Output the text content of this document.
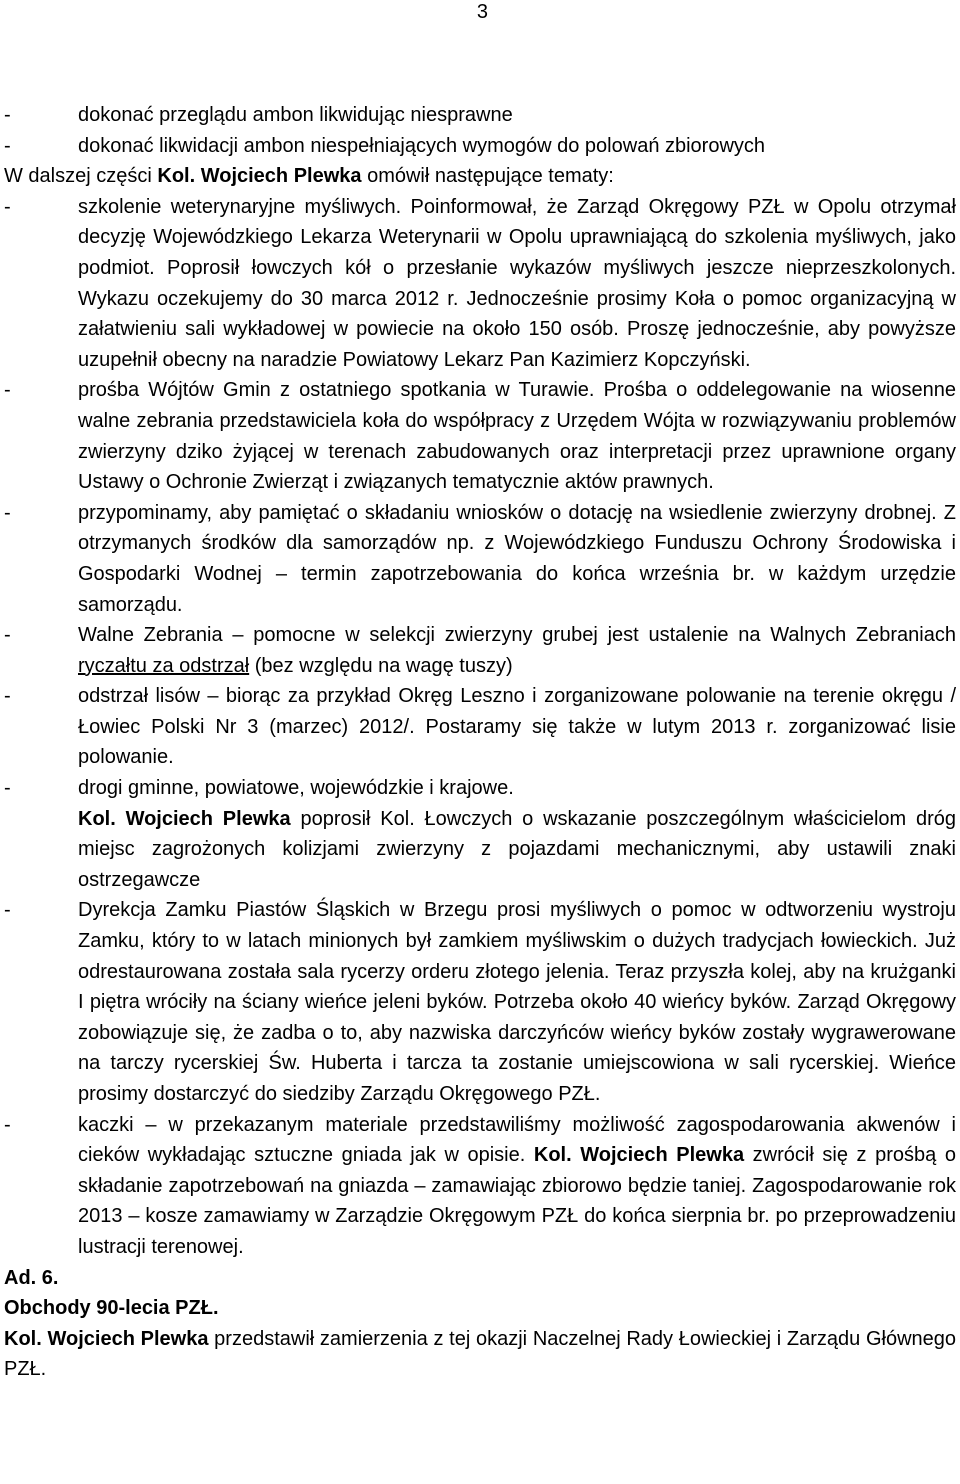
3
-	dokonać przeglądu ambon likwidując niesprawne
-	dokonać likwidacji ambon niespełniających wymogów do polowań zbiorowych
W dalszej części Kol. Wojciech Plewka omówił następujące tematy:
-	szkolenie weterynaryjne myśliwych. Poinformował, że Zarząd Okręgowy PZŁ w Opolu otrzymał decyzję Wojewódzkiego Lekarza Weterynarii w Opolu uprawniającą do szkolenia myśliwych, jako podmiot. Poprosił łowczych kół o przesłanie wykazów myśliwych jeszcze nieprzeszkolonych. Wykazu oczekujemy do 30 marca 2012 r. Jednocześnie prosimy Koła o pomoc organizacyjną w załatwieniu sali wykładowej w powiecie na około 150 osób. Proszę jednocześnie, aby powyższe uzupełnił obecny na naradzie Powiatowy Lekarz Pan Kazimierz Kopczyński.
-	prośba Wójtów Gmin z ostatniego spotkania w Turawie. Prośba o oddelegowanie na wiosenne walne zebrania przedstawiciela koła do współpracy z Urzędem Wójta w rozwiązywaniu problemów zwierzyny dziko żyjącej w terenach zabudowanych oraz interpretacji przez uprawnione organy Ustawy o Ochronie Zwierząt i związanych tematycznie aktów prawnych.
-	przypominamy, aby pamiętać o składaniu wniosków o dotację na wsiedlenie zwierzyny drobnej. Z otrzymanych środków dla samorządów np. z Wojewódzkiego Funduszu Ochrony Środowiska i Gospodarki Wodnej – termin zapotrzebowania do końca września br. w każdym urzędzie samorządu.
-	Walne Zebrania – pomocne w selekcji zwierzyny grubej jest ustalenie na Walnych Zebraniach ryczałtu za odstrzał (bez względu na wagę tuszy)
-	odstrzał lisów – biorąc za przykład Okręg Leszno i zorganizowane polowanie na terenie okręgu /Łowiec Polski Nr 3 (marzec) 2012/. Postaramy się także w lutym 2013 r. zorganizować lisie polowanie.
-	drogi gminne, powiatowe, wojewódzkie i krajowe.
Kol. Wojciech Plewka poprosił Kol. Łowczych o wskazanie poszczególnym właścicielom dróg miejsc zagrożonych kolizjami zwierzyny z pojazdami mechanicznymi, aby ustawili znaki ostrzegawcze
-	Dyrekcja Zamku Piastów Śląskich w Brzegu prosi myśliwych o pomoc w odtworzeniu wystroju Zamku, który to w latach minionych był zamkiem myśliwskim o dużych tradycjach łowieckich. Już odrestaurowana została sala rycerzy orderu złotego jelenia. Teraz przyszła kolej, aby na krużganki I piętra wróciły na ściany wieńce jeleni byków. Potrzeba około 40 wieńcy byków. Zarząd Okręgowy zobowiązuje się, że zadba o to, aby nazwiska darczyńców wieńcy byków zostały wygrawerowane na tarczy rycerskiej Św. Huberta i tarcza ta zostanie umiejscowiona w sali rycerskiej. Wieńce prosimy dostarczyć do siedziby Zarządu Okręgowego PZŁ.
-	kaczki – w przekazanym materiale przedstawiliśmy możliwość zagospodarowania akwenów i cieków wykładając sztuczne gniada jak w opisie. Kol. Wojciech Plewka zwrócił się z prośbą o składanie zapotrzebowań na gniazda – zamawiając zbiorowo będzie taniej. Zagospodarowanie rok 2013 – kosze zamawiamy w Zarządzie Okręgowym PZŁ do końca sierpnia br. po przeprowadzeniu lustracji terenowej.
Ad. 6.
Obchody 90-lecia PZŁ.
Kol. Wojciech Plewka przedstawił zamierzenia z tej okazji Naczelnej Rady Łowieckiej i Zarządu Głównego PZŁ.
